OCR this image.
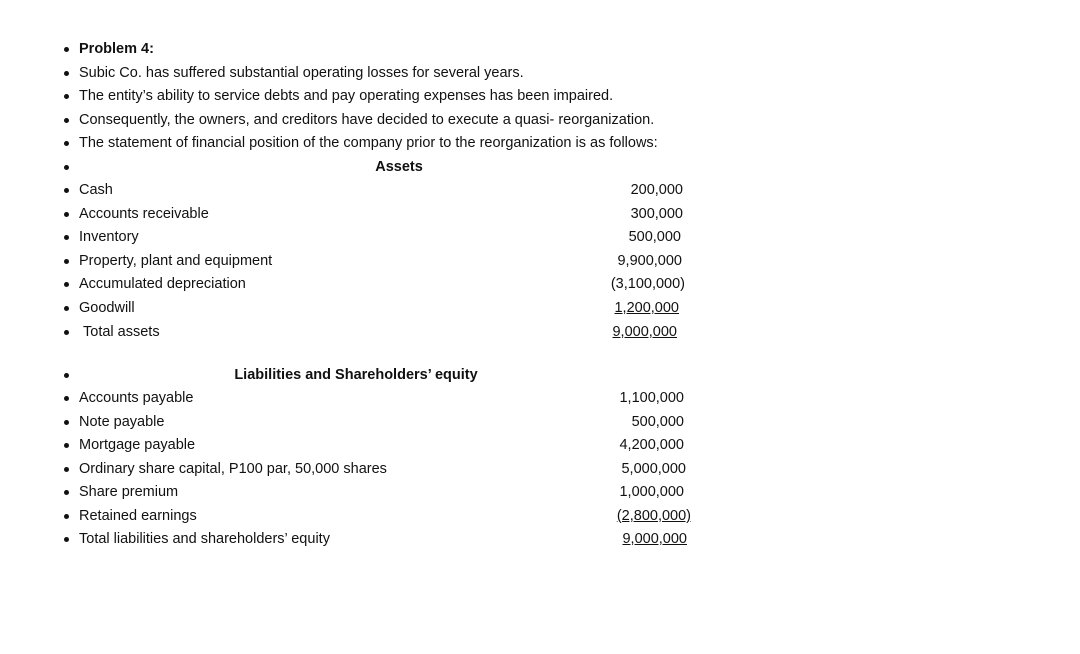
Problem 4:
Subic Co. has suffered substantial operating losses for several years.
The entity’s ability to service debts and pay operating expenses has been impaired.
Consequently, the owners, and creditors have decided to execute a quasi- reorganization.
The statement of financial position of the company prior to the reorganization is as follows:
Assets
Cash	200,000
Accounts receivable	300,000
Inventory	500,000
Property, plant and equipment	9,900,000
Accumulated depreciation	(3,100,000)
Goodwill	1,200,000
Total assets	9,000,000
Liabilities and Shareholders’ equity
Accounts payable	1,100,000
Note payable	500,000
Mortgage payable	4,200,000
Ordinary share capital, P100 par, 50,000 shares	5,000,000
Share premium	1,000,000
Retained earnings	(2,800,000)
Total liabilities and shareholders’ equity	9,000,000
